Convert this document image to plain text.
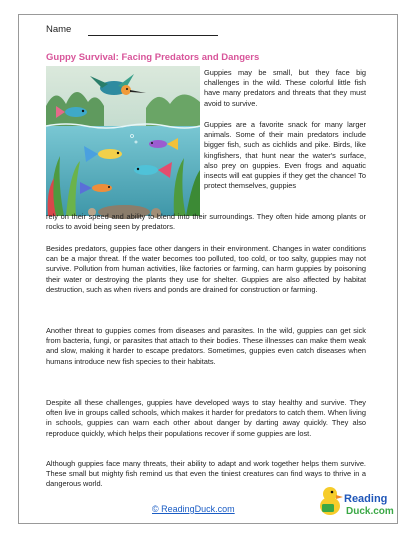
Name
Guppy Survival: Facing Predators and Dangers

Guppies may be small, but they face big challenges in the wild. These colorful little fish have many predators and threats that they must avoid to survive.

Guppies are a favorite snack for many larger animals. Some of their main predators include bigger fish, such as cichlids and pike. Birds, like kingfishers, that hunt near the water's surface, also prey on guppies. Even frogs and aquatic insects will eat guppies if they get the chance! To protect themselves, guppies

rely on their speed and ability to blend into their surroundings. They often hide among plants or rocks to avoid being seen by predators.

Besides predators, guppies face other dangers in their environment. Changes in water conditions can be a major threat. If the water becomes too polluted, too cold, or too salty, guppies may not survive. Pollution from human activities, like factories or farming, can harm guppies by poisoning their water or destroying the plants they use for shelter. Guppies are also affected by habitat destruction, such as when rivers and ponds are drained for construction or farming.

Another threat to guppies comes from diseases and parasites. In the wild, guppies can get sick from bacteria, fungi, or parasites that attach to their bodies. These illnesses can make them weak and slow, making it harder to escape predators. Sometimes, guppies even catch diseases when humans introduce new fish species to their habitats.

Despite all these challenges, guppies have developed ways to stay healthy and survive. They often live in groups called schools, which makes it harder for predators to catch them. When living in schools, guppies can warn each other about danger by darting away quickly. They also reproduce quickly, which helps their populations recover if some guppies are lost.

Although guppies face many threats, their ability to adapt and work together helps them survive. These small but mighty fish remind us that even the tiniest creatures can find ways to thrive in a dangerous world.

© ReadingDuck.com
Reading
Duck.com
